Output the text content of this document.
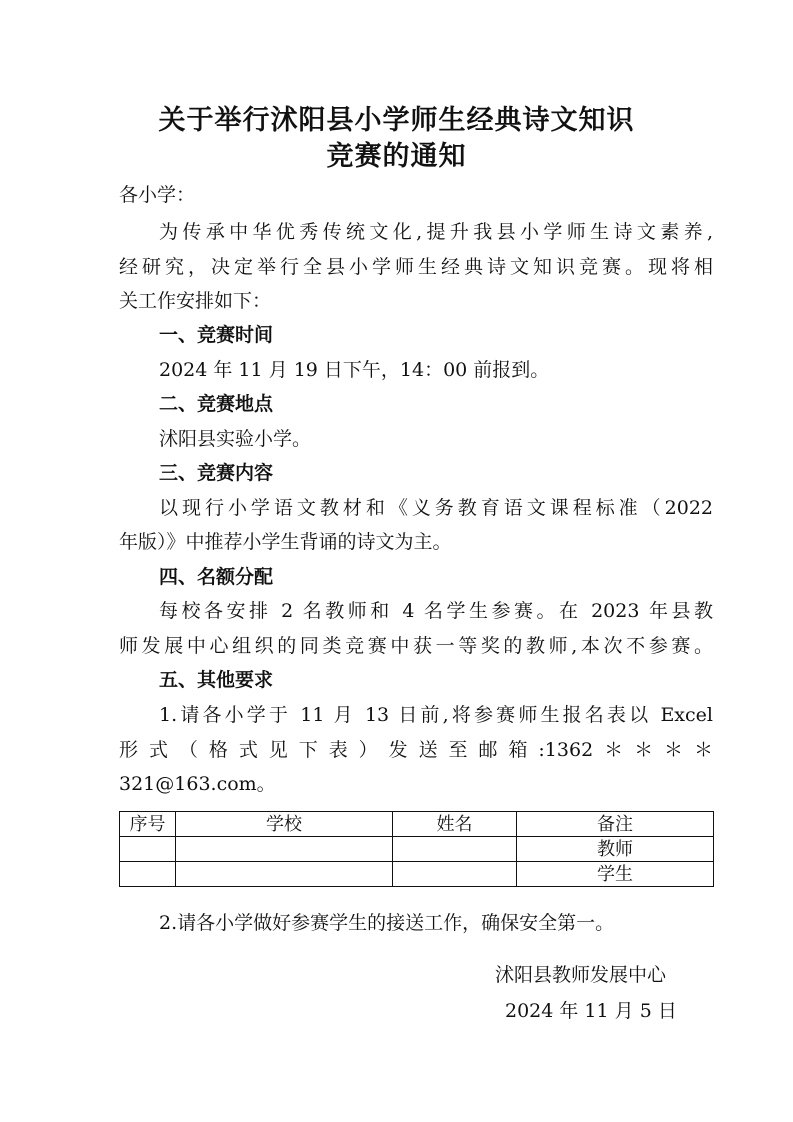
关于举行沭阳县小学师生经典诗文知识
竞赛的通知
各小学：
为传承中华优秀传统文化,提升我县小学师生诗文素养,
经研究，决定举行全县小学师生经典诗文知识竞赛。现将相
关工作安排如下：
一、竞赛时间
2024 年 11 月 19 日下午，14：00 前报到。
二、竞赛地点
沭阳县实验小学。
三、竞赛内容
以现行小学语文教材和《义务教育语文课程标准（2022
年版）》中推荐小学生背诵的诗文为主。
四、名额分配
每校各安排 2 名教师和 4 名学生参赛。在 2023 年县教
师发展中心组织的同类竞赛中获一等奖的教师,本次不参赛。
五、其他要求
1.请各小学于 11 月 13 日前,将参赛师生报名表以 Excel
形式（格式见下表）发送至邮箱:1362＊＊＊＊
321@163.com。
序号	学校	姓名	备注
			教师
			学生
2.请各小学做好参赛学生的接送工作，确保安全第一。
沭阳县教师发展中心
2024 年 11 月 5 日
